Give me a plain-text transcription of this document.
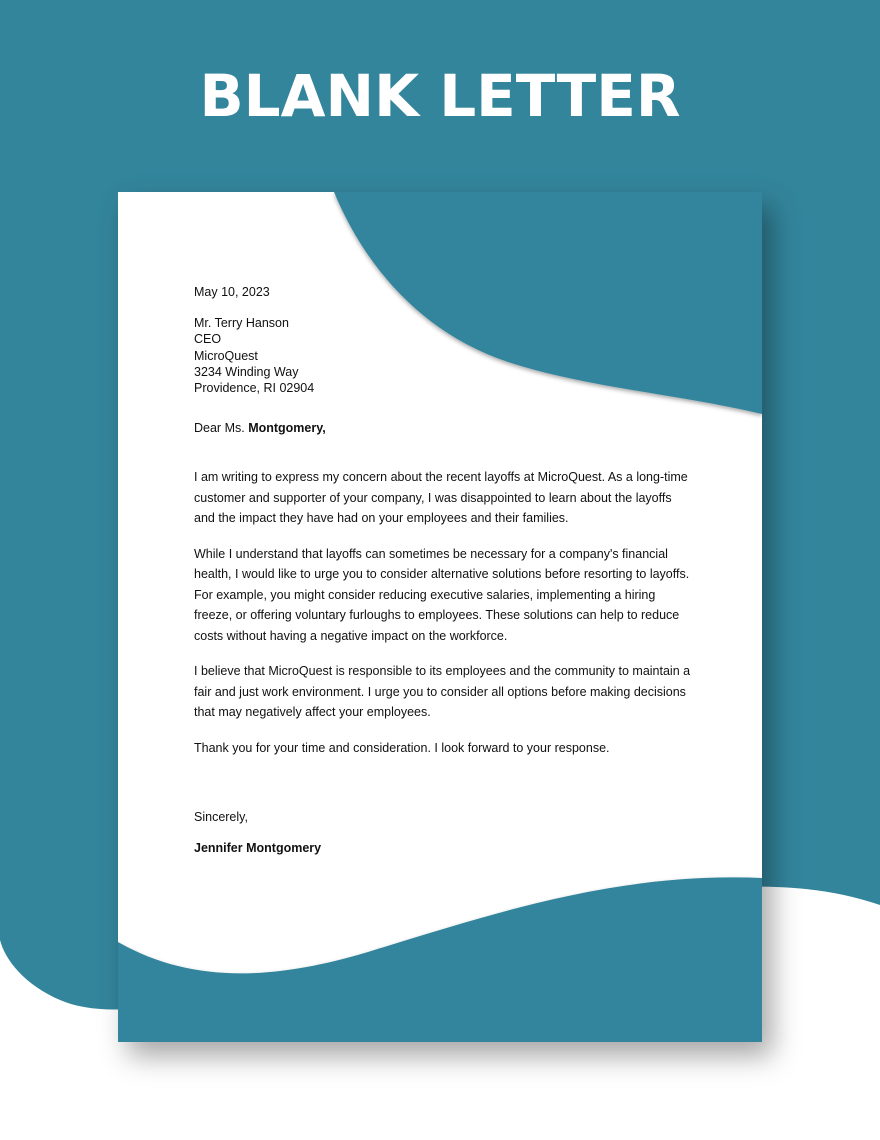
BLANK LETTER
May 10, 2023
Mr. Terry Hanson
CEO
MicroQuest
3234 Winding Way
Providence, RI 02904
Dear Ms. Montgomery,

I am writing to express my concern about the recent layoffs at MicroQuest. As a long-time customer and supporter of your company, I was disappointed to learn about the layoffs and the impact they have had on your employees and their families.

While I understand that layoffs can sometimes be necessary for a company's financial health, I would like to urge you to consider alternative solutions before resorting to layoffs. For example, you might consider reducing executive salaries, implementing a hiring freeze, or offering voluntary furloughs to employees. These solutions can help to reduce costs without having a negative impact on the workforce.

I believe that MicroQuest is responsible to its employees and the community to maintain a fair and just work environment. I urge you to consider all options before making decisions that may negatively affect your employees.

Thank you for your time and consideration. I look forward to your response.

Sincerely,
Jennifer Montgomery
